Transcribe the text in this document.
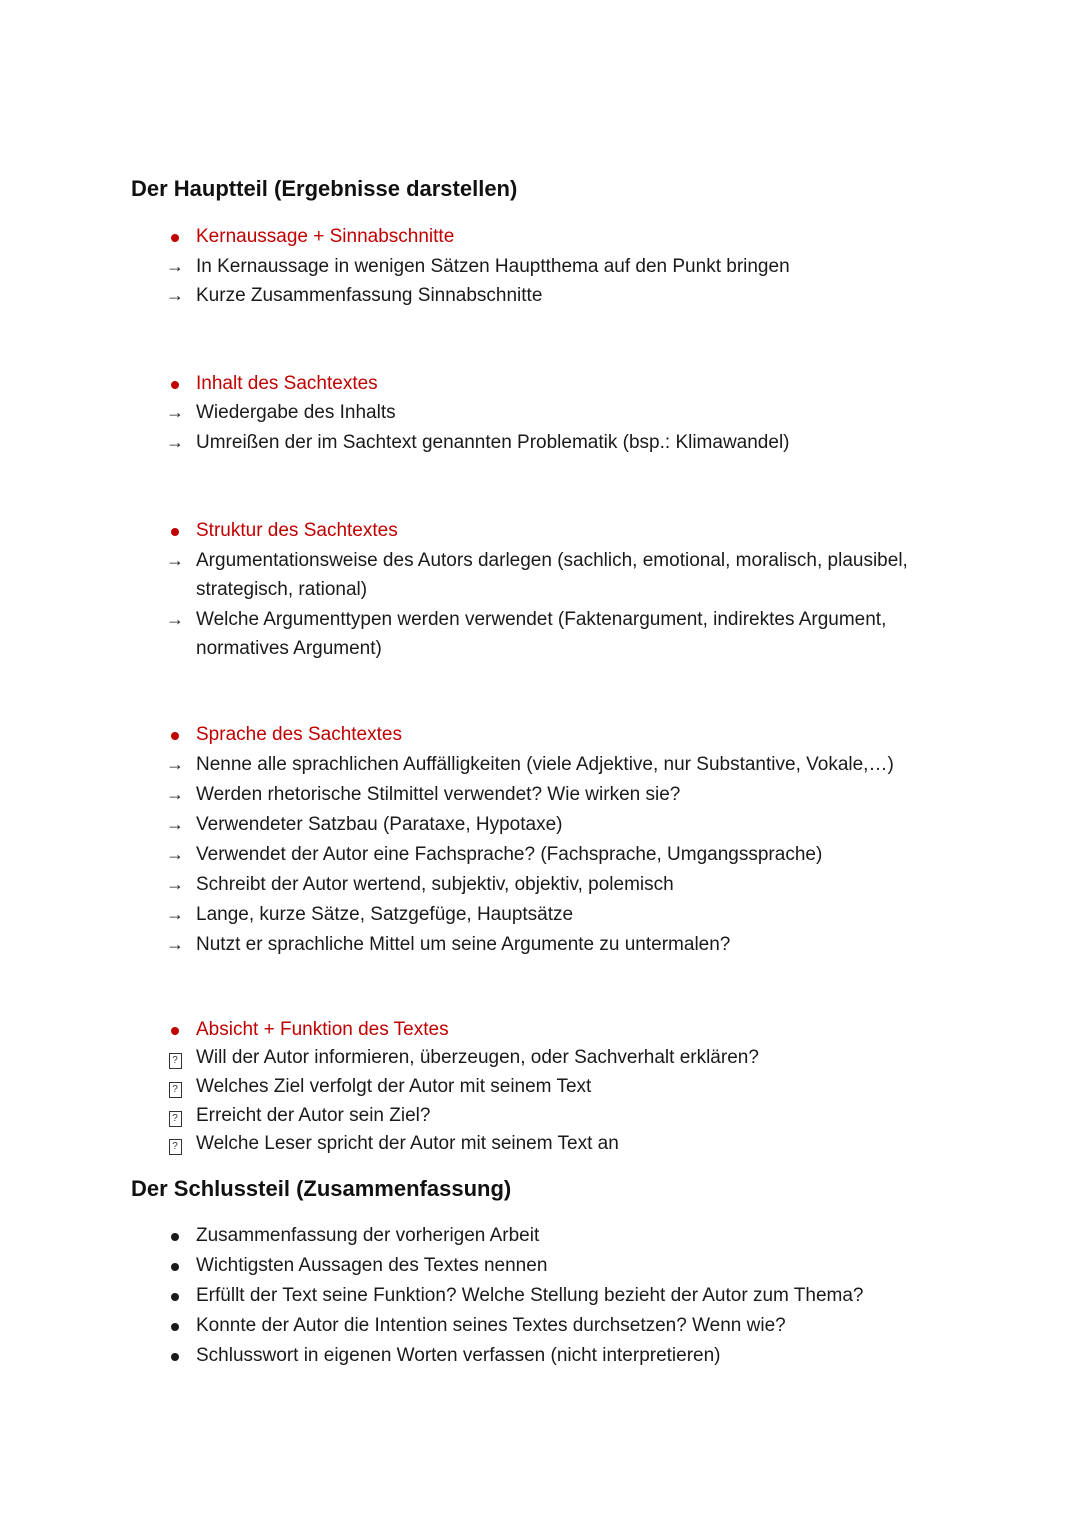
Der Hauptteil (Ergebnisse darstellen)
Kernaussage + Sinnabschnitte
→ In Kernaussage in wenigen Sätzen Hauptthema auf den Punkt bringen
→ Kurze Zusammenfassung Sinnabschnitte
Inhalt des Sachtextes
→ Wiedergabe des Inhalts
→ Umreißen der im Sachtext genannten Problematik (bsp.: Klimawandel)
Struktur des Sachtextes
→ Argumentationsweise des Autors darlegen (sachlich, emotional, moralisch, plausibel, strategisch, rational)
→ Welche Argumenttypen werden verwendet (Faktenargument, indirektes Argument, normatives Argument)
Sprache des Sachtextes
→ Nenne alle sprachlichen Auffälligkeiten (viele Adjektive, nur Substantive, Vokale,…)
→ Werden rhetorische Stilmittel verwendet? Wie wirken sie?
→ Verwendeter Satzbau (Parataxe, Hypotaxe)
→ Verwendet der Autor eine Fachsprache? (Fachsprache, Umgangssprache)
→ Schreibt der Autor wertend, subjektiv, objektiv, polemisch
→ Lange, kurze Sätze, Satzgefüge, Hauptsätze
→ Nutzt er sprachliche Mittel um seine Argumente zu untermalen?
Absicht + Funktion des Textes
? Will der Autor informieren, überzeugen, oder Sachverhalt erklären?
? Welches Ziel verfolgt der Autor mit seinem Text
? Erreicht der Autor sein Ziel?
? Welche Leser spricht der Autor mit seinem Text an
Der Schlussteil (Zusammenfassung)
Zusammenfassung der vorherigen Arbeit
Wichtigsten Aussagen des Textes nennen
Erfüllt der Text seine Funktion? Welche Stellung bezieht der Autor zum Thema?
Konnte der Autor die Intention seines Textes durchsetzen? Wenn wie?
Schlusswort in eigenen Worten verfassen (nicht interpretieren)
